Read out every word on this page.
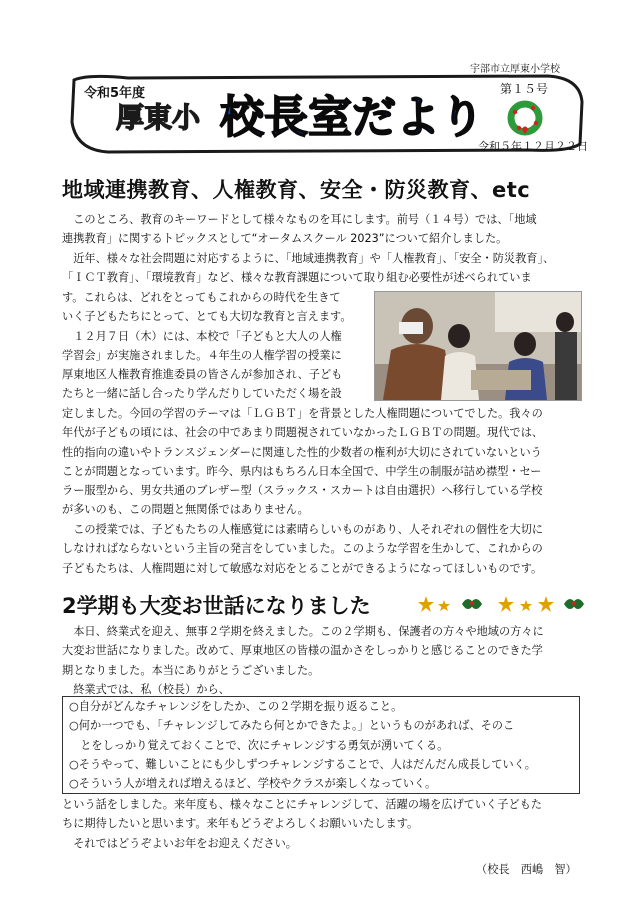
宇部市立厚東小学校
令和5年度
厚東小 校長室だより
第１５号
令和５年１２月２２日
地域連携教育、人権教育、安全・防災教育、etc
　このところ、教育のキーワードとして様々なものを耳にします。前号（１４号）では、「地域
連携教育」に関するトピックスとして“オータムスクール 2023”について紹介しました。
　近年、様々な社会問題に対応するように、「地域連携教育」や「人権教育」、「安全・防災教育」、
「ＩＣＴ教育」、「環境教育」など、様々な教育課題について取り組む必要性が述べられていま
す。これらは、どれをとってもこれからの時代を生きて
いく子どもたちにとって、とても大切な教育と言えます。
　１２月７日（木）には、本校で「子どもと大人の人権
学習会」が実施されました。４年生の人権学習の授業に
厚東地区人権教育推進委員の皆さんが参加され、子ども
たちと一緒に話し合ったり学んだりしていただく場を設
定しました。今回の学習のテーマは「ＬＧＢＴ」を背景とした人権問題についてでした。我々の
年代が子どもの頃には、社会の中であまり問題視されていなかったＬＧＢＴの問題。現代では、
性的指向の違いやトランスジェンダーに関連した性的少数者の権利が大切にされていないという
ことが問題となっています。昨今、県内はもちろん日本全国で、中学生の制服が詰め襟型・セー
ラー服型から、男女共通のブレザー型（スラックス・スカートは自由選択）へ移行している学校
が多いのも、この問題と無関係ではありません。
　この授業では、子どもたちの人権感覚には素晴らしいものがあり、人それぞれの個性を大切に
しなければならないという主旨の発言をしていました。このような学習を生かして、これからの
子どもたちは、人権問題に対して敏感な対応をとることができるようになってほしいものです。
2学期も大変お世話になりました
　本日、終業式を迎え、無事２学期を終えました。この２学期も、保護者の方々や地域の方々に
大変お世話になりました。改めて、厚東地区の皆様の温かさをしっかりと感じることのできた学
期となりました。本当にありがとうございました。
　終業式では、私（校長）から、
○自分がどんなチャレンジをしたか、この２学期を振り返ること。
○何か一つでも、「チャレンジしてみたら何とかできたよ。」というものがあれば、そのこ
　とをしっかり覚えておくことで、次にチャレンジする勇気が湧いてくる。
○そうやって、難しいことにも少しずつチャレンジすることで、人はだんだん成長していく。
○そういう人が増えれば増えるほど、学校やクラスが楽しくなっていく。
という話をしました。来年度も、様々なことにチャレンジして、活躍の場を広げていく子どもた
ちに期待したいと思います。来年もどうぞよろしくお願いいたします。
　それではどうぞよいお年をお迎えください。
（校長　西嶋　智）
